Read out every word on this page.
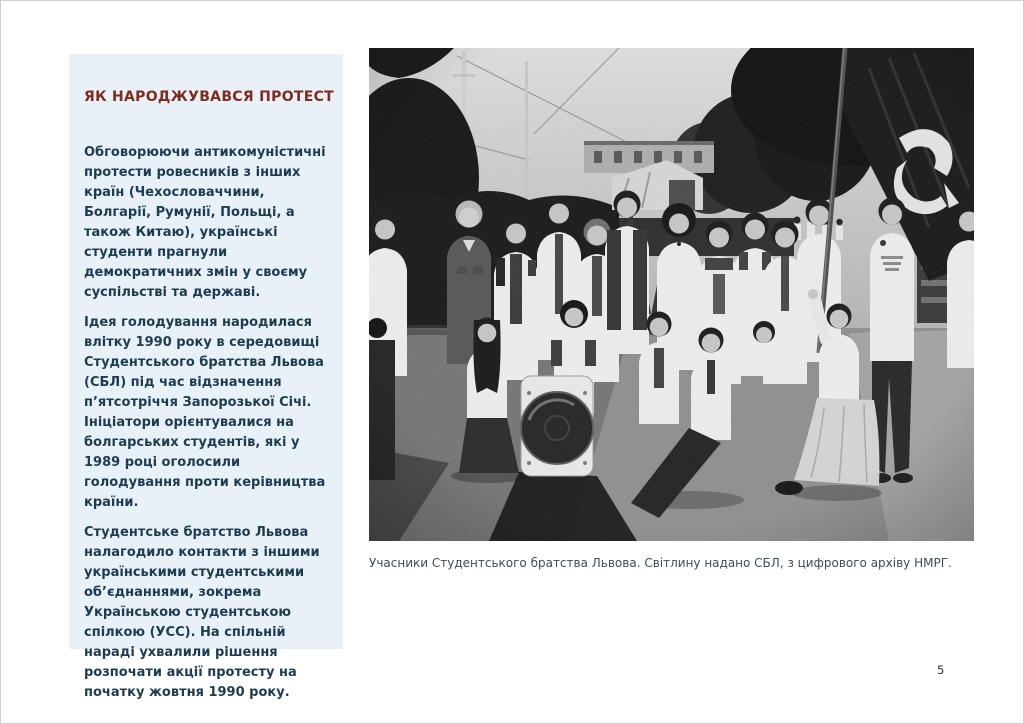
ЯК НАРОДЖУВАВСЯ ПРОТЕСТ

Обговорюючи антикомуністичні протести ровесників з інших країн (Чехословаччини, Болгарії, Румунії, Польщі, а також Китаю), українські студенти прагнули демократичних змін у своєму суспільстві та державі.

Ідея голодування народилася влітку 1990 року в середовищі Студентського братства Львова (СБЛ) під час відзначення п’ятсотріччя Запорозької Січі. Ініціатори орієнтувалися на болгарських студентів, які у 1989 році оголосили голодування проти керівництва країни.

Студентське братство Львова налагодило контакти з іншими українськими студентськими об’єднаннями, зокрема Українською студентською спілкою (УСС). На спільній нараді ухвалили рішення розпочати акції протесту на початку жовтня 1990 року.

Учасники Студентського братства Львова. Світлину надано СБЛ, з цифрового архіву НМРГ.
5
